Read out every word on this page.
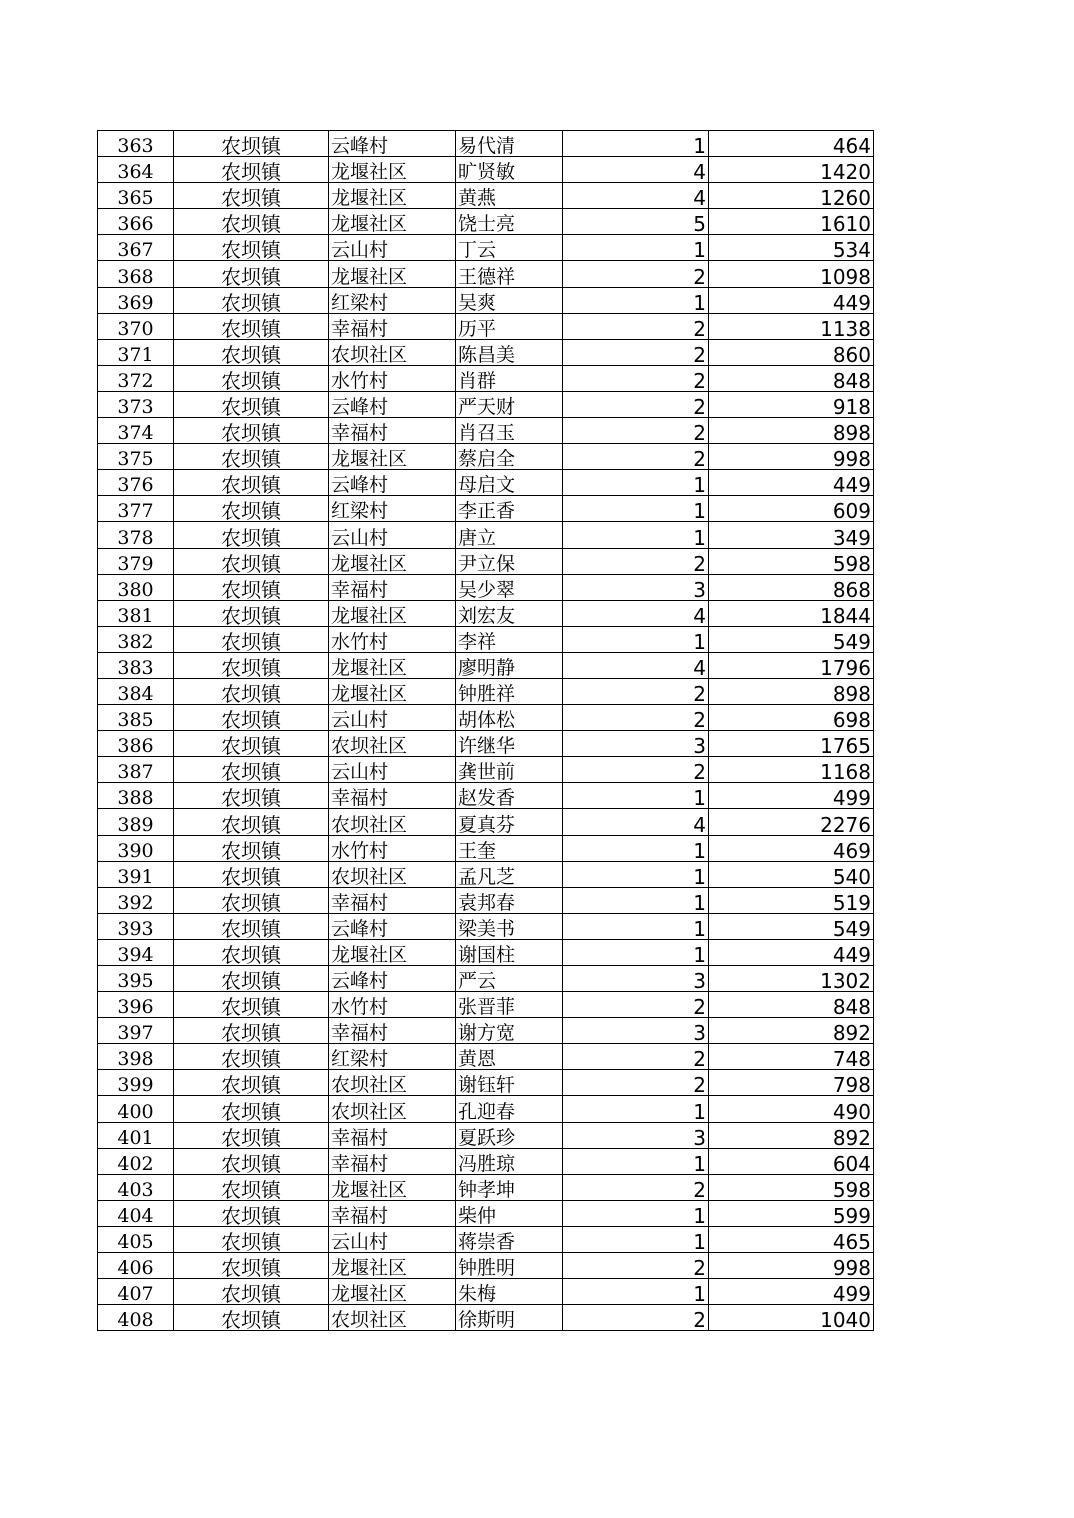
363	农坝镇	云峰村	易代清	1	464
364	农坝镇	龙堰社区	旷贤敏	4	1420
365	农坝镇	龙堰社区	黄燕	4	1260
366	农坝镇	龙堰社区	饶士亮	5	1610
367	农坝镇	云山村	丁云	1	534
368	农坝镇	龙堰社区	王德祥	2	1098
369	农坝镇	红梁村	吴爽	1	449
370	农坝镇	幸福村	历平	2	1138
371	农坝镇	农坝社区	陈昌美	2	860
372	农坝镇	水竹村	肖群	2	848
373	农坝镇	云峰村	严天财	2	918
374	农坝镇	幸福村	肖召玉	2	898
375	农坝镇	龙堰社区	蔡启全	2	998
376	农坝镇	云峰村	母启文	1	449
377	农坝镇	红梁村	李正香	1	609
378	农坝镇	云山村	唐立	1	349
379	农坝镇	龙堰社区	尹立保	2	598
380	农坝镇	幸福村	吴少翠	3	868
381	农坝镇	龙堰社区	刘宏友	4	1844
382	农坝镇	水竹村	李祥	1	549
383	农坝镇	龙堰社区	廖明静	4	1796
384	农坝镇	龙堰社区	钟胜祥	2	898
385	农坝镇	云山村	胡体松	2	698
386	农坝镇	农坝社区	许继华	3	1765
387	农坝镇	云山村	龚世前	2	1168
388	农坝镇	幸福村	赵发香	1	499
389	农坝镇	农坝社区	夏真芬	4	2276
390	农坝镇	水竹村	王奎	1	469
391	农坝镇	农坝社区	孟凡芝	1	540
392	农坝镇	幸福村	袁邦春	1	519
393	农坝镇	云峰村	梁美书	1	549
394	农坝镇	龙堰社区	谢国柱	1	449
395	农坝镇	云峰村	严云	3	1302
396	农坝镇	水竹村	张晋菲	2	848
397	农坝镇	幸福村	谢方宽	3	892
398	农坝镇	红梁村	黄恩	2	748
399	农坝镇	农坝社区	谢钰轩	2	798
400	农坝镇	农坝社区	孔迎春	1	490
401	农坝镇	幸福村	夏跃珍	3	892
402	农坝镇	幸福村	冯胜琼	1	604
403	农坝镇	龙堰社区	钟孝坤	2	598
404	农坝镇	幸福村	柴仲	1	599
405	农坝镇	云山村	蒋崇香	1	465
406	农坝镇	龙堰社区	钟胜明	2	998
407	农坝镇	龙堰社区	朱梅	1	499
408	农坝镇	农坝社区	徐斯明	2	1040
